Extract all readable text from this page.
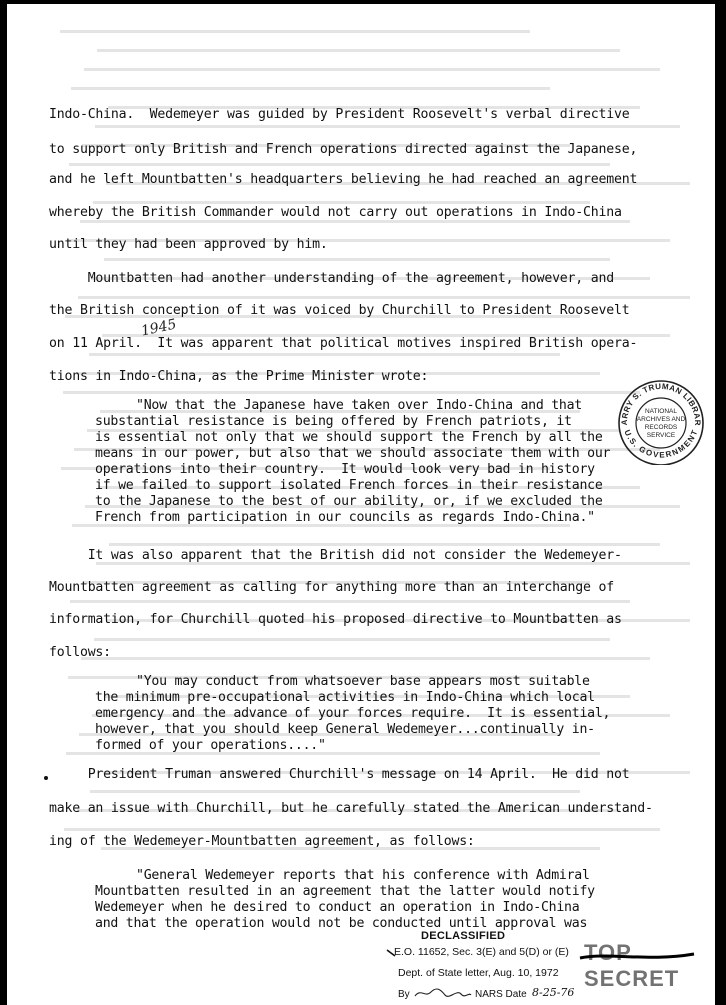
Indo-China.  Wedemeyer was guided by President Roosevelt's verbal directive
to support only British and French operations directed against the Japanese,
and he left Mountbatten's headquarters believing he had reached an agreement
whereby the British Commander would not carry out operations in Indo-China
until they had been approved by him.
Mountbatten had another understanding of the agreement, however, and
the British conception of it was voiced by Churchill to President Roosevelt
on 11 April.  It was apparent that political motives inspired British opera-
tions in Indo-China, as the Prime Minister wrote:
1945
"Now that the Japanese have taken over Indo-China and that
substantial resistance is being offered by French patriots, it
is essential not only that we should support the French by all the
means in our power, but also that we should associate them with our
operations into their country.  It would look very bad in history
if we failed to support isolated French forces in their resistance
to the Japanese to the best of our ability, or, if we excluded the
French from participation in our councils as regards Indo-China."
It was also apparent that the British did not consider the Wedemeyer-
Mountbatten agreement as calling for anything more than an interchange of
information, for Churchill quoted his proposed directive to Mountbatten as
follows:
"You may conduct from whatsoever base appears most suitable
the minimum pre-occupational activities in Indo-China which local
emergency and the advance of your forces require.  It is essential,
however, that you should keep General Wedemeyer...continually in-
formed of your operations...."
President Truman answered Churchill's message on 14 April.  He did not
make an issue with Churchill, but he carefully stated the American understand-
ing of the Wedemeyer-Mountbatten agreement, as follows:
"General Wedemeyer reports that his conference with Admiral
Mountbatten resulted in an agreement that the latter would notify
Wedemeyer when he desired to conduct an operation in Indo-China
and that the operation would not be conducted until approval was
ARRY S. TRUMAN LIBRAR
U.S. GOVERNMENT
NATIONAL
ARCHIVES AND
RECORDS
SERVICE
DECLASSIFIED
E.O. 11652, Sec. 3(E) and 5(D) or (E)
Dept. of State letter, Aug. 10, 1972
By	NARS Date 8-25-76
TOP SECRET
